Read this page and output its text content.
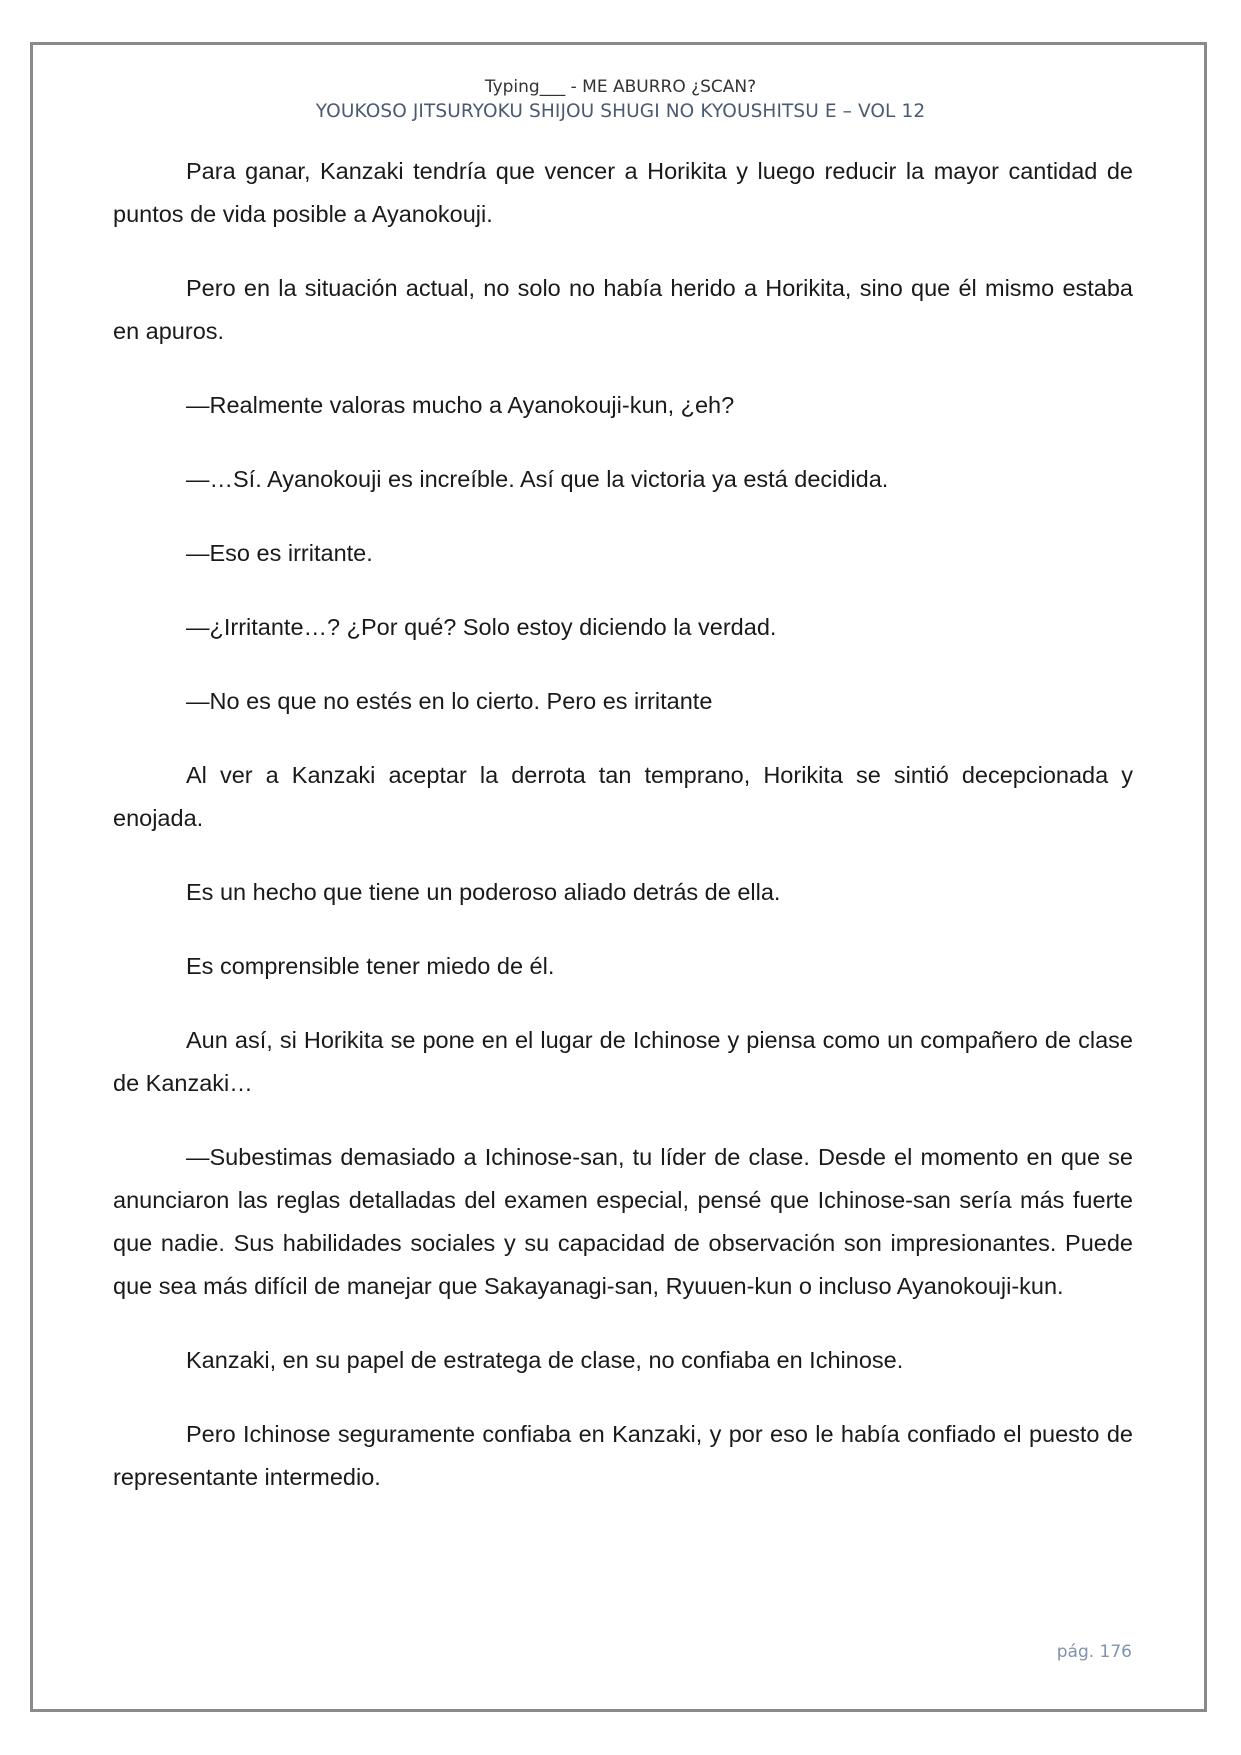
Typing___ - ME ABURRO ¿SCAN?
YOUKOSO JITSURYOKU SHIJOU SHUGI NO KYOUSHITSU E – VOL 12

Para ganar, Kanzaki tendría que vencer a Horikita y luego reducir la mayor cantidad de puntos de vida posible a Ayanokouji.

Pero en la situación actual, no solo no había herido a Horikita, sino que él mismo estaba en apuros.

—Realmente valoras mucho a Ayanokouji-kun, ¿eh?

—…Sí. Ayanokouji es increíble. Así que la victoria ya está decidida.

—Eso es irritante.

—¿Irritante…? ¿Por qué? Solo estoy diciendo la verdad.

—No es que no estés en lo cierto. Pero es irritante

Al ver a Kanzaki aceptar la derrota tan temprano, Horikita se sintió decepcionada y enojada.

Es un hecho que tiene un poderoso aliado detrás de ella.

Es comprensible tener miedo de él.

Aun así, si Horikita se pone en el lugar de Ichinose y piensa como un compañero de clase de Kanzaki…

—Subestimas demasiado a Ichinose-san, tu líder de clase. Desde el momento en que se anunciaron las reglas detalladas del examen especial, pensé que Ichinose-san sería más fuerte que nadie. Sus habilidades sociales y su capacidad de observación son impresionantes. Puede que sea más difícil de manejar que Sakayanagi-san, Ryuuen-kun o incluso Ayanokouji-kun.

Kanzaki, en su papel de estratega de clase, no confiaba en Ichinose.

Pero Ichinose seguramente confiaba en Kanzaki, y por eso le había confiado el puesto de representante intermedio.

pág. 176
